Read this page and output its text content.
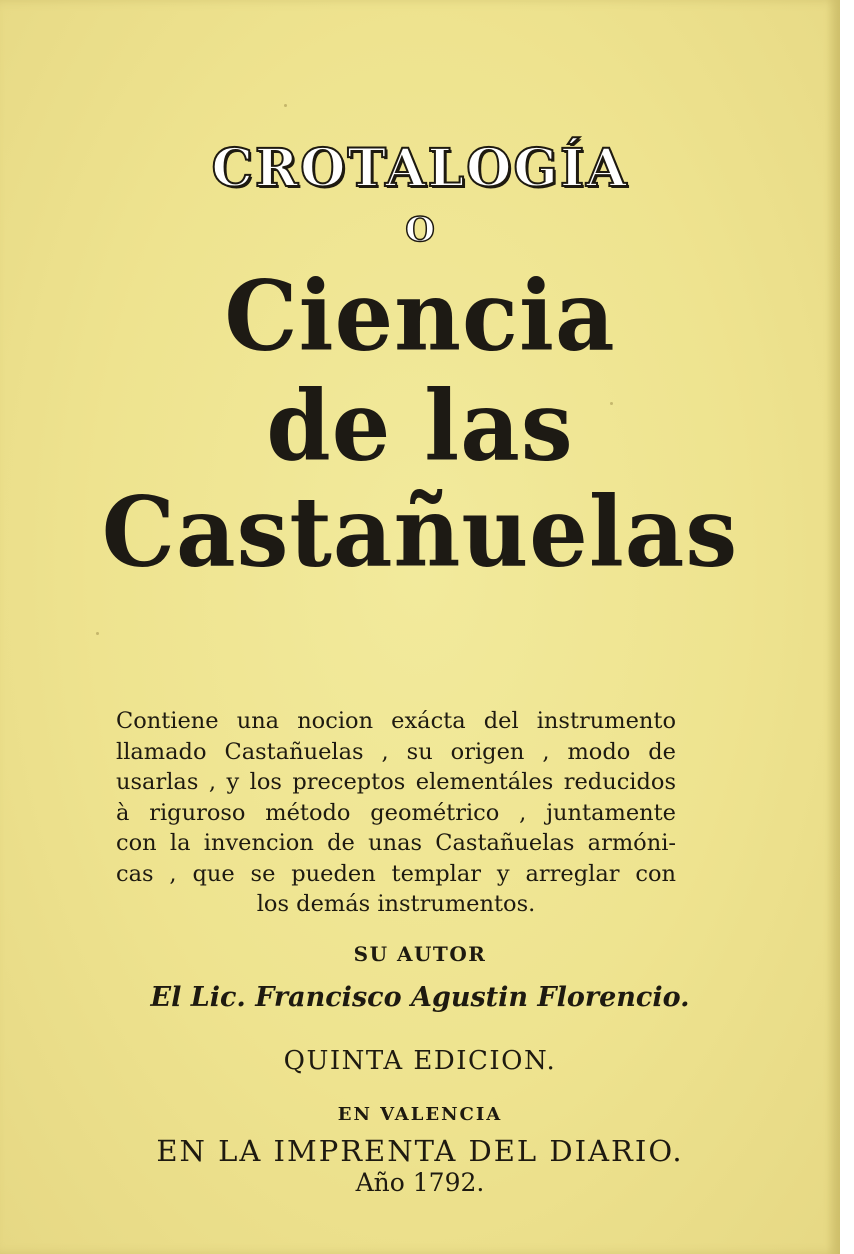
CROTALOGÍA
O
Ciencia
de las
Castañuelas
Contiene una nocion exácta del instrumento
llamado Castañuelas , su origen , modo de
usarlas , y los preceptos elementáles reducidos
à riguroso método geométrico , juntamente
con la invencion de unas Castañuelas armóni-
cas , que se pueden templar y arreglar con
los demás instrumentos.
SU AUTOR
El Lic. Francisco Agustin Florencio.
QUINTA EDICION.
EN VALENCIA
EN LA IMPRENTA DEL DIARIO.
Año 1792.
